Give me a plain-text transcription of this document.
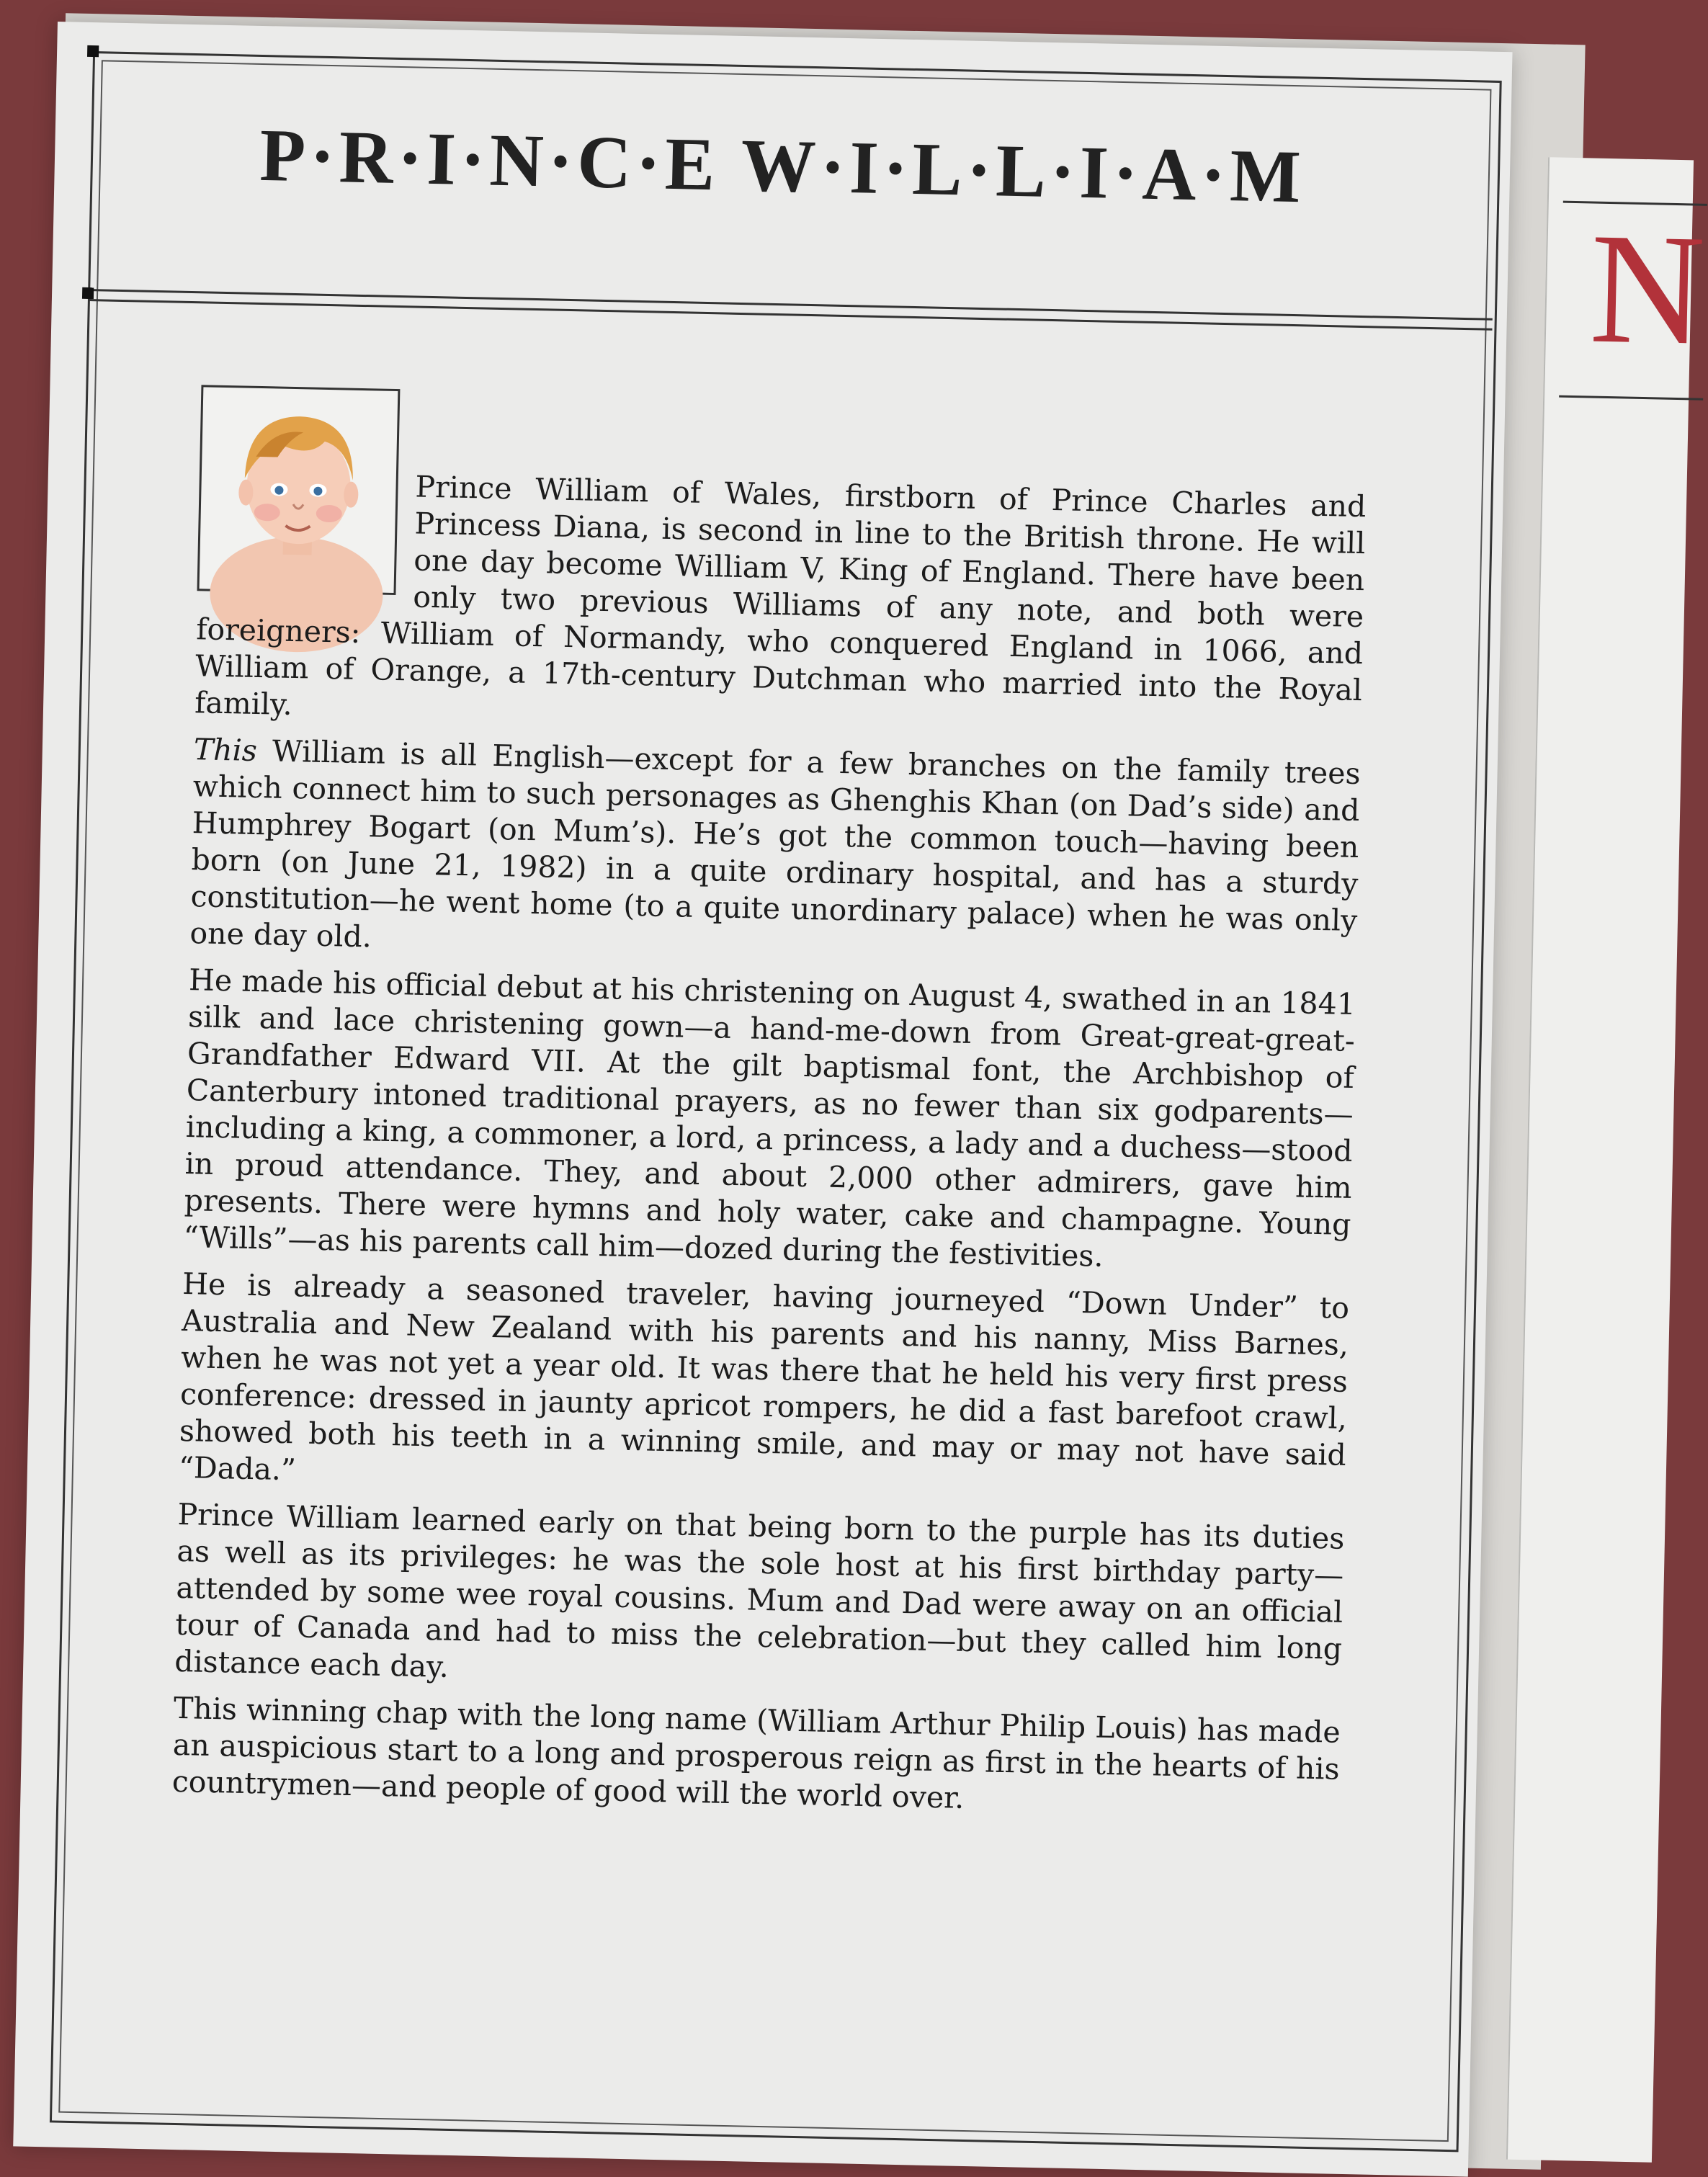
N
P·R·I·N·C·E W·I·L·L·I·A·M

Prince William of Wales, firstborn of Prince Charles and Princess Diana, is second in line to the British throne. He will one day become William V, King of England. There have been only two previous Williams of any note, and both were foreigners: William of Normandy, who conquered England in 1066, and William of Orange, a 17th-century Dutchman who married into the Royal family.

This William is all English—except for a few branches on the family trees which connect him to such personages as Ghenghis Khan (on Dad’s side) and Humphrey Bogart (on Mum’s). He’s got the common touch—having been born (on June 21, 1982) in a quite ordinary hospital, and has a sturdy constitution—he went home (to a quite unordinary palace) when he was only one day old.

He made his official debut at his christening on August 4, swathed in an 1841 silk and lace christening gown—a hand-me-down from Great-great-great-Grandfather Edward VII. At the gilt baptismal font, the Archbishop of Canterbury intoned traditional prayers, as no fewer than six godparents—including a king, a commoner, a lord, a princess, a lady and a duchess—stood in proud attendance. They, and about 2,000 other admirers, gave him presents. There were hymns and holy water, cake and champagne. Young “Wills”—as his parents call him—dozed during the festivities.

He is already a seasoned traveler, having journeyed “Down Under” to Australia and New Zealand with his parents and his nanny, Miss Barnes, when he was not yet a year old. It was there that he held his very first press conference: dressed in jaunty apricot rompers, he did a fast barefoot crawl, showed both his teeth in a winning smile, and may or may not have said “Dada.”

Prince William learned early on that being born to the purple has its duties as well as its privileges: he was the sole host at his first birthday party—attended by some wee royal cousins. Mum and Dad were away on an official tour of Canada and had to miss the celebration—but they called him long distance each day.

This winning chap with the long name (William Arthur Philip Louis) has made an auspicious start to a long and prosperous reign as first in the hearts of his countrymen—and people of good will the world over.
